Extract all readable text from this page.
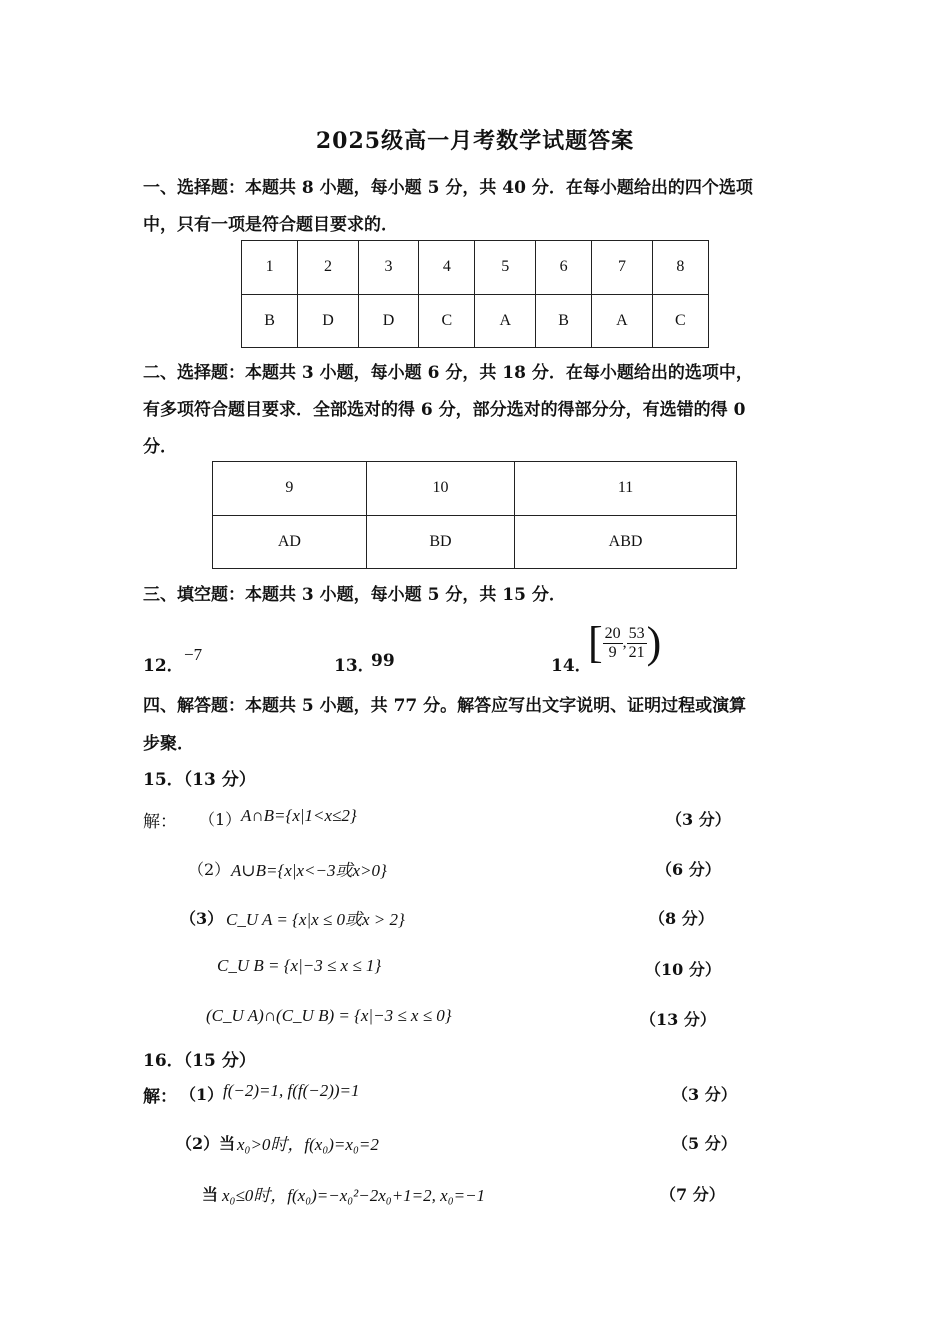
2025级高一月考数学试题答案
一、选择题：本题共 8 小题，每小题 5 分，共 40 分．在每小题给出的四个选项
中，只有一项是符合题目要求的．
1	2	3	4	5	6	7	8
B	D	D	C	A	B	A	C
二、选择题：本题共 3 小题，每小题 6 分，共 18 分．在每小题给出的选项中，
有多项符合题目要求．全部选对的得 6 分，部分选对的得部分分，有选错的得 0
分．
9	10	11
AD	BD	ABD
三、填空题：本题共 3 小题，每小题 5 分，共 15 分．
12．
−7
13．
99	14．
[ $\frac{20}{9}$ , $\frac{53}{21}$ )
四、解答题：本题共 5 小题，共 77 分。解答应写出文字说明、证明过程或演算
步聚．
15．（13 分）
解： （1） A∩B={x|1<x≤2}	（3 分）
（2） A∪B={x|x<−3或x>0}	（6 分）
（3） C_U A = {x|x ≤ 0或x > 2}	（8 分）
C_U B = {x|−3 ≤ x ≤ 1}	（10 分）
(C_U A)∩(C_U B) = {x|−3 ≤ x ≤ 0}	（13 分）
16．（15 分）
解： （1） f(−2)=1, f(f(−2))=1	（3 分）
（2）当 x₀>0时，f(x₀)=x₀=2	（5 分）
当 x₀≤0时，f(x₀)=−x₀²−2x₀+1=2, x₀=−1	（7 分）
